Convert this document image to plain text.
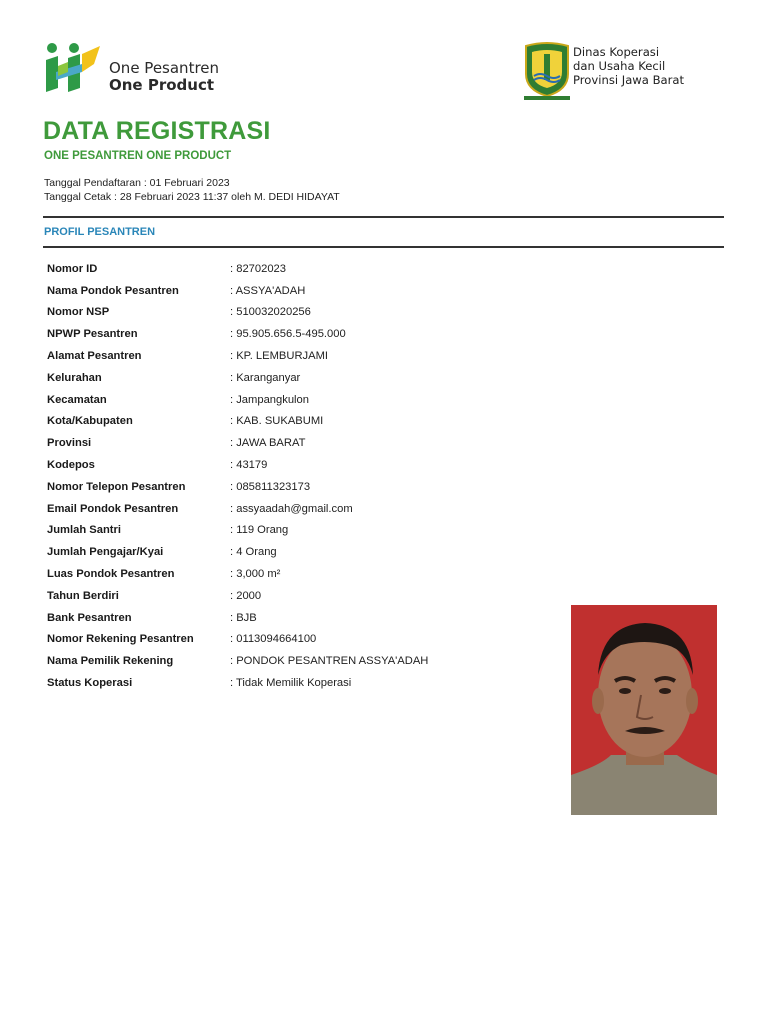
One Pesantren
One Product
Dinas Koperasi
dan Usaha Kecil
Provinsi Jawa Barat
DATA REGISTRASI
ONE PESANTREN ONE PRODUCT
Tanggal Pendaftaran : 01 Februari 2023
Tanggal Cetak : 28 Februari 2023 11:37 oleh M. DEDI HIDAYAT
PROFIL PESANTREN
Nomor ID	: 82702023
Nama Pondok Pesantren	: ASSYA'ADAH
Nomor NSP	: 510032020256
NPWP Pesantren	: 95.905.656.5-495.000
Alamat Pesantren	: KP. LEMBURJAMI
Kelurahan	: Karanganyar
Kecamatan	: Jampangkulon
Kota/Kabupaten	: KAB. SUKABUMI
Provinsi	: JAWA BARAT
Kodepos	: 43179
Nomor Telepon Pesantren	: 085811323173
Email Pondok Pesantren	: assyaadah@gmail.com
Jumlah Santri	: 119 Orang
Jumlah Pengajar/Kyai	: 4 Orang
Luas Pondok Pesantren	: 3,000 m²
Tahun Berdiri	: 2000
Bank Pesantren	: BJB
Nomor Rekening Pesantren	: 0113094664100
Nama Pemilik Rekening	: PONDOK PESANTREN ASSYA'ADAH
Status Koperasi	: Tidak Memilik Koperasi
